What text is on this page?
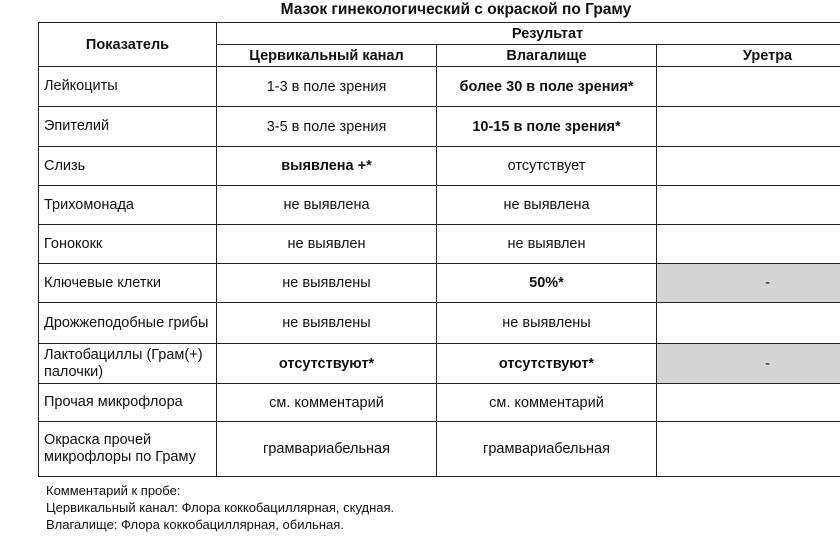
Мазок гинекологический с окраской по Граму
Показатель	Результат		
	Цервикальный канал	Влагалище	Уретра
Лейкоциты	1-3 в поле зрения	более 30 в поле зрения*	
Эпителий	3-5 в поле зрения	10-15 в поле зрения*	
Слизь	выявлена +*	отсутствует	
Трихомонада	не выявлена	не выявлена	
Гонококк	не выявлен	не выявлен	
Ключевые клетки	не выявлены	50%*	-
Дрожжеподобные грибы	не выявлены	не выявлены	
Лактобациллы (Грам(+) палочки)	отсутствуют*	отсутствуют*	-
Прочая микрофлора	см. комментарий	см. комментарий	
Окраска прочей микрофлоры по Граму	грамвариабельная	грамвариабельная	
Комментарий к пробе:
Цервикальный канал: Флора коккобациллярная, скудная.
Влагалище: Флора коккобациллярная, обильная.
